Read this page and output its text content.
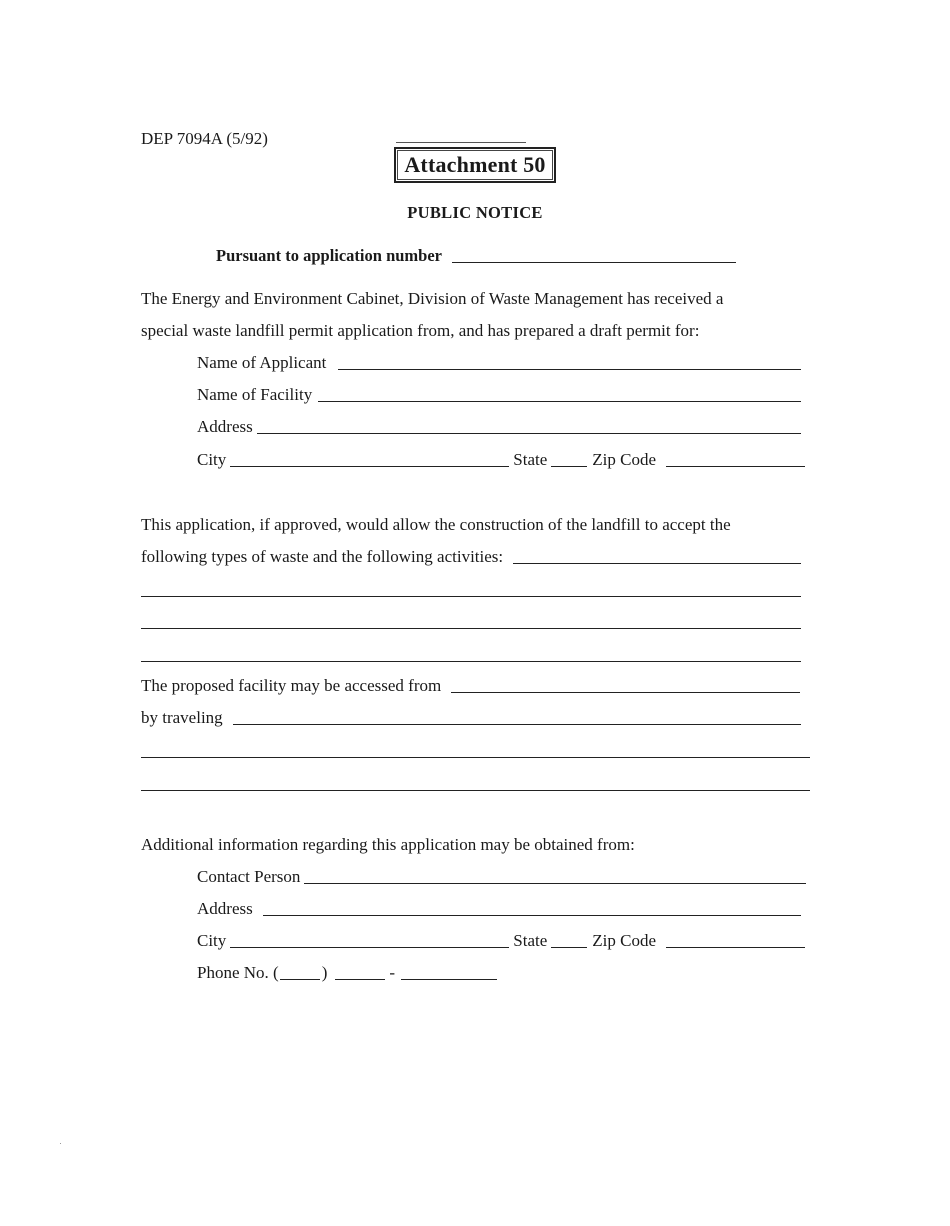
DEP 7094A (5/92)
Attachment 50
PUBLIC NOTICE
Pursuant to application number
The Energy and Environment Cabinet, Division of Waste Management has received a
special waste landfill permit application from, and has prepared a draft permit for:
Name of Applicant
Name of Facility
Address
City	State	Zip Code
This application, if approved, would allow the construction of the landfill to accept the
following types of waste and the following activities:
The proposed facility may be accessed from
by traveling
Additional information regarding this application may be obtained from:
Contact Person
Address
City	State	Zip Code
Phone No. (	)	-
